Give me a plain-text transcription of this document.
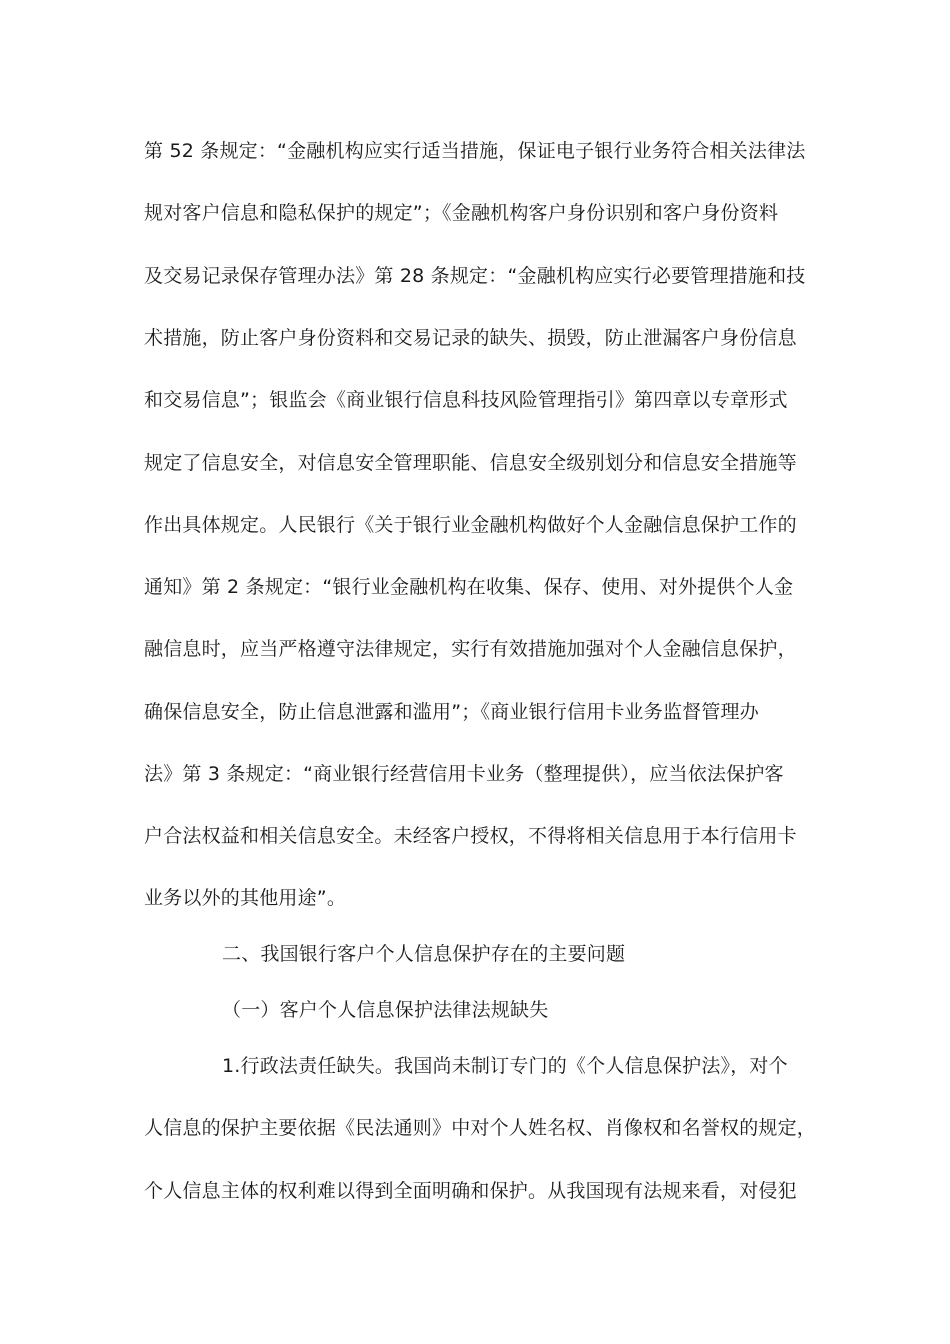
第 52 条规定：“金融机构应实行适当措施，保证电子银行业务符合相关法律法
规对客户信息和隐私保护的规定”；《金融机构客户身份识别和客户身份资料
及交易记录保存管理办法》第 28 条规定：“金融机构应实行必要管理措施和技
术措施，防止客户身份资料和交易记录的缺失、损毁，防止泄漏客户身份信息
和交易信息”；银监会《商业银行信息科技风险管理指引》第四章以专章形式
规定了信息安全，对信息安全管理职能、信息安全级别划分和信息安全措施等
作出具体规定。人民银行《关于银行业金融机构做好个人金融信息保护工作的
通知》第 2 条规定：“银行业金融机构在收集、保存、使用、对外提供个人金
融信息时，应当严格遵守法律规定，实行有效措施加强对个人金融信息保护，
确保信息安全，防止信息泄露和滥用”；《商业银行信用卡业务监督管理办
法》第 3 条规定：“商业银行经营信用卡业务（整理提供），应当依法保护客
户合法权益和相关信息安全。未经客户授权，不得将相关信息用于本行信用卡
业务以外的其他用途”。
二、我国银行客户个人信息保护存在的主要问题
（一）客户个人信息保护法律法规缺失
1.行政法责任缺失。我国尚未制订专门的《个人信息保护法》，对个
人信息的保护主要依据《民法通则》中对个人姓名权、肖像权和名誉权的规定，
个人信息主体的权利难以得到全面明确和保护。从我国现有法规来看，对侵犯
